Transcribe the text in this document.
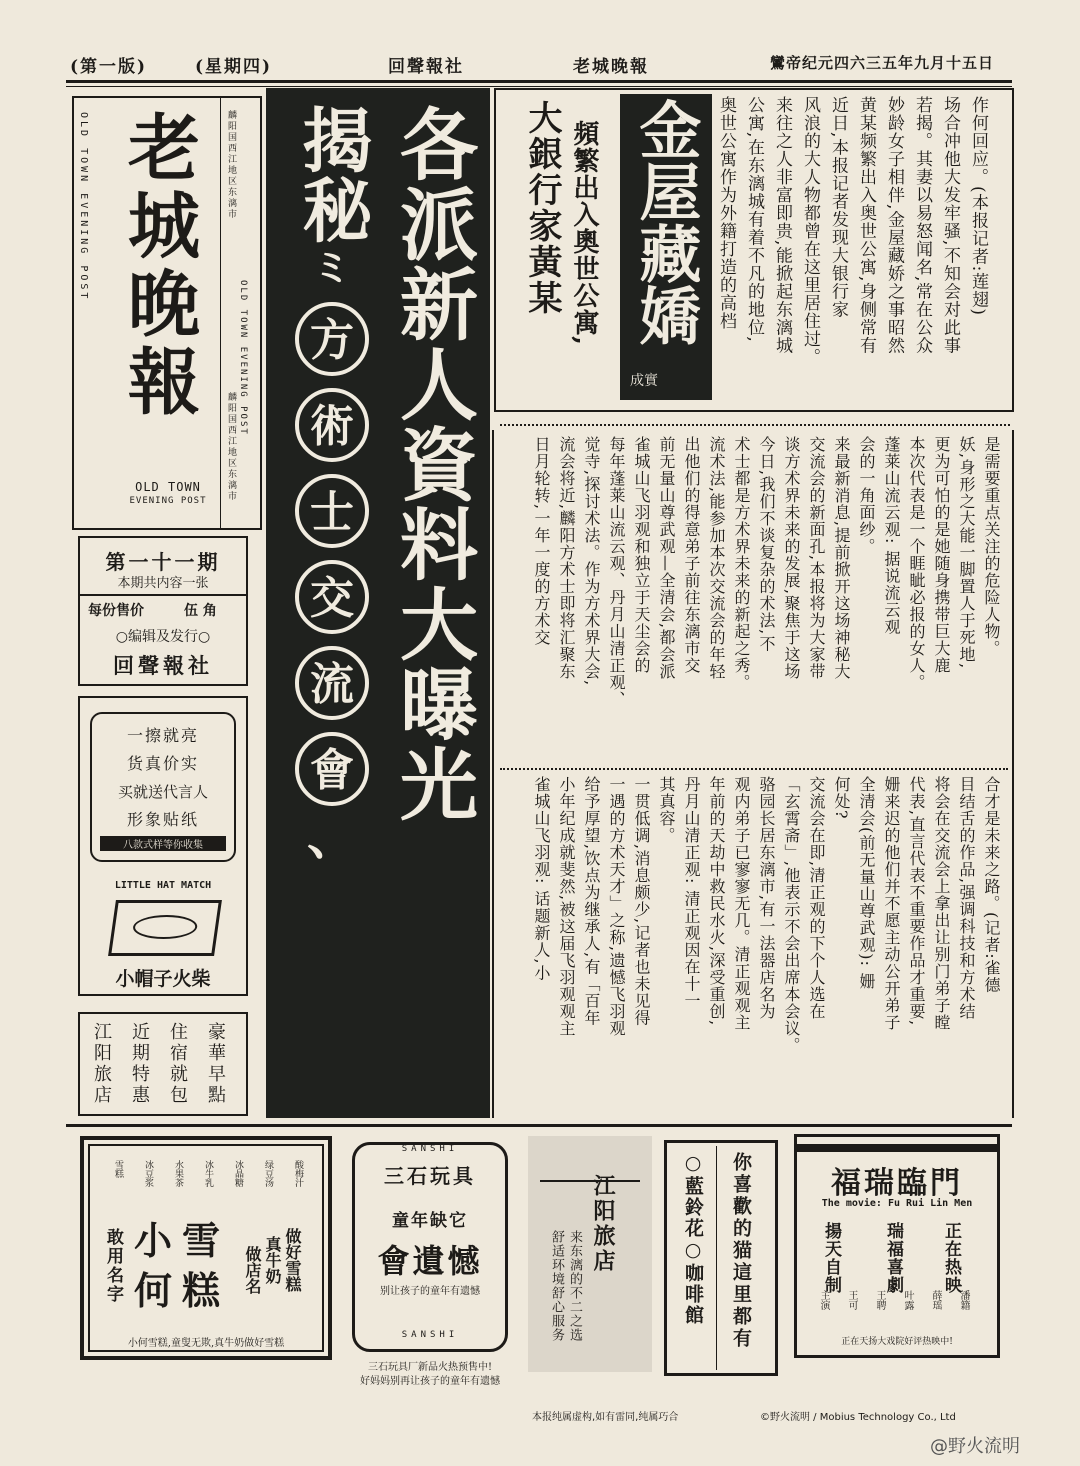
(第一版)	(星期四)	回聲報社	老城晚報	鸞帝纪元四六三五年九月十五日
OLD TOWN EVENING POST 老城晚報
OLD TOWN
EVENING POST
麟阳国西江地区东漓市
OLD TOWN EVENING POST
麟阳国西江地区东漓市
第一十一期
本期共内容一张
每份售价	伍 角
○编辑及发行○
回聲報社
一擦就亮
货真价实
买就送代言人
形象贴纸
八款式样等你收集
LITTLE HAT MATCH
小帽子火柴
豪華早點
住宿就包
近期特惠
江阳旅店
各派新人資料大曝光
揭秘
ミ
方 術 士 交 流 會
、
金屋藏嬌
成實
大銀行家黃某 頻繁出入奧世公寓,	作何回应。(本报记者:莲翅)
场合冲他大发牢骚,不知会对此事
若揭。其妻以易怒闻名,常在公众
妙龄女子相伴,金屋藏娇之事昭然
黄某频繁出入奥世公寓,身侧常有
近日,本报记者发现大银行家
风浪的大人物都曾在这里居住过。
来往之人非富即贵,能掀起东漓城
公寓,在东漓城有着不凡的地位,
奥世公寓作为外籍打造的高档
是需要重点关注的危险人物。
妖,身形之大能一脚置人于死地,
更为可怕的是她随身携带巨大鹿
本次代表是一个睚眦必报的女人。
蓬莱山流云观: 据说流云观
会的一角面纱。
来最新消息,提前掀开这场神秘大
交流会的新面孔,本报将为大家带
谈方术界未来的发展,聚焦于这场
今日,我们不谈复杂的术法,不
术士都是方术界未来的新起之秀。
流术法,能参加本次交流会的年轻
出他们的得意弟子前往东漓市交
前无量山尊武观—全清会,都会派
雀城山飞羽观和独立于天尘会的
每年蓬莱山流云观、丹月山清正观、
觉寺,探讨术法。作为方术界大会,
流会将近,麟阳方术士即将汇聚东
日月轮转,一年一度的方术交
合才是未来之路。(记者:雀德
目结舌的作品,强调科技和方术结
将会在交流会上拿出让别门弟子瞠
代表,直言代表不重要作品才重要,
姗来迟的他们并不愿主动公开弟子
全清会(前无量山尊武观): 姗
何处?
交流会在即,清正观的下个人选在
「玄霄斋」,他表示不会出席本会议。
骆园长居东漓市,有一法器店名为
观内弟子已寥寥无几。清正观观主
年前的天劫中救民水火,深受重创,
丹月山清正观: 清正观因在十一
其真容。
一贯低调,消息颇少,记者也未见得
一遇的方术天才」之称,遗憾飞羽观
给予厚望,饮点为继承人,有「百年
小年纪成就斐然,被这届飞羽观观主
雀城山飞羽观: 话题新人,小
雪糕 冰豆浆 水果茶 冰牛乳 冰晶糖 绿豆汤 酸梅汁
敢用名字 小雪
何糕	做好雪糕
真牛奶
做店名
小何雪糕,童叟无欺,真牛奶做好雪糕
SANSHI
三石玩具
童年缺它
會遺憾
别让孩子的童年有遗憾
SANSHI
三石玩具厂新品火热预售中!
好妈妈别再让孩子的童年有遗憾
江阳旅店
来东漓的不二之选
舒适环境舒心服务	○藍鈴花○咖啡館 你喜歡的猫這里都有	福瑞臨門
The movie: Fu Rui Lin Men
正在热映
瑞福喜劇
揚天自制
主演 王可 王聘 叶露 薛瑶 潘籍
正在天扬大戏院好评热映中!
本报纯属虚构,如有雷同,纯属巧合	©野火流明 / Mobius Technology Co., Ltd
@野火流明
